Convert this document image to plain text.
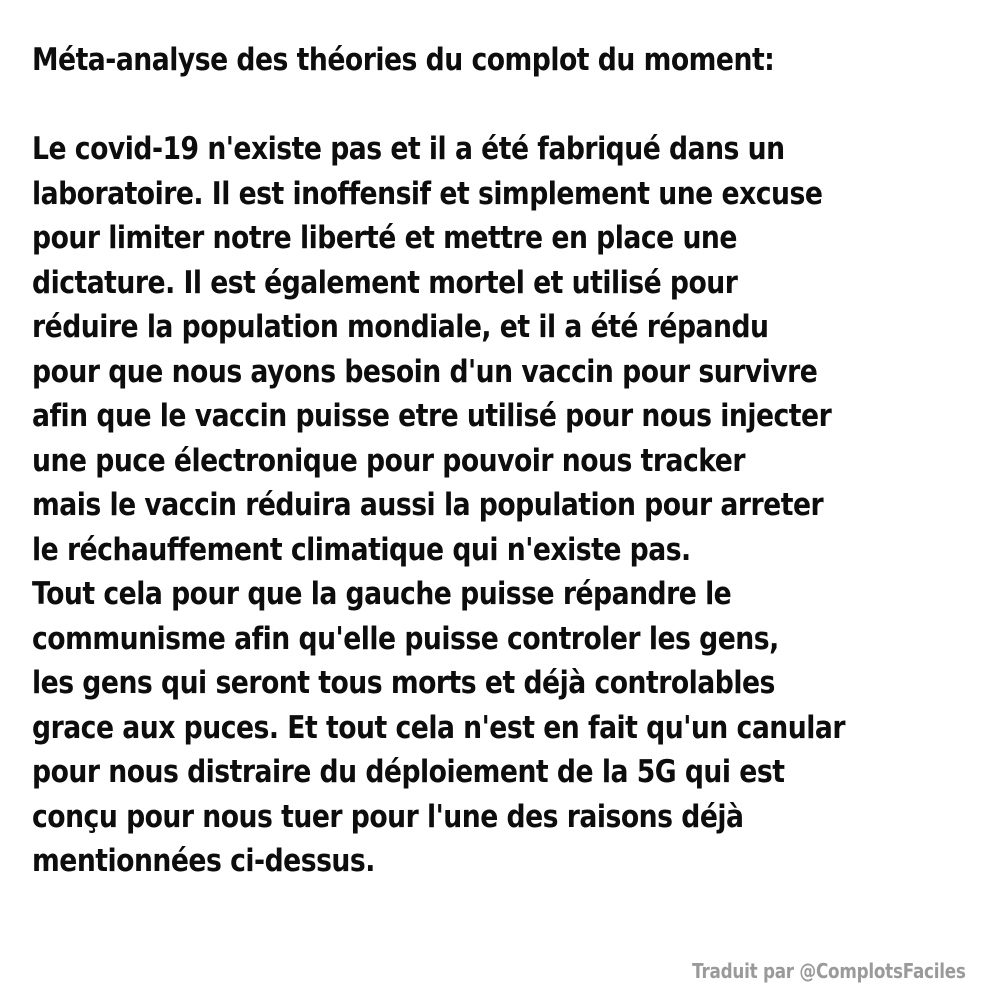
Méta-analyse des théories du complot du moment:
Le covid-19 n'existe pas et il a été fabriqué dans un
laboratoire. Il est inoffensif et simplement une excuse
pour limiter notre liberté et mettre en place une
dictature. Il est également mortel et utilisé pour
réduire la population mondiale, et il a été répandu
pour que nous ayons besoin d'un vaccin pour survivre
afin que le vaccin puisse etre utilisé pour nous injecter
une puce électronique pour pouvoir nous tracker
mais le vaccin réduira aussi la population pour arreter
le réchauffement climatique qui n'existe pas.
Tout cela pour que la gauche puisse répandre le
communisme afin qu'elle puisse controler les gens,
les gens qui seront tous morts et déjà controlables
grace aux puces. Et tout cela n'est en fait qu'un canular
pour nous distraire du déploiement de la 5G qui est
conçu pour nous tuer pour l'une des raisons déjà
mentionnées ci-dessus.
Traduit par @ComplotsFaciles
